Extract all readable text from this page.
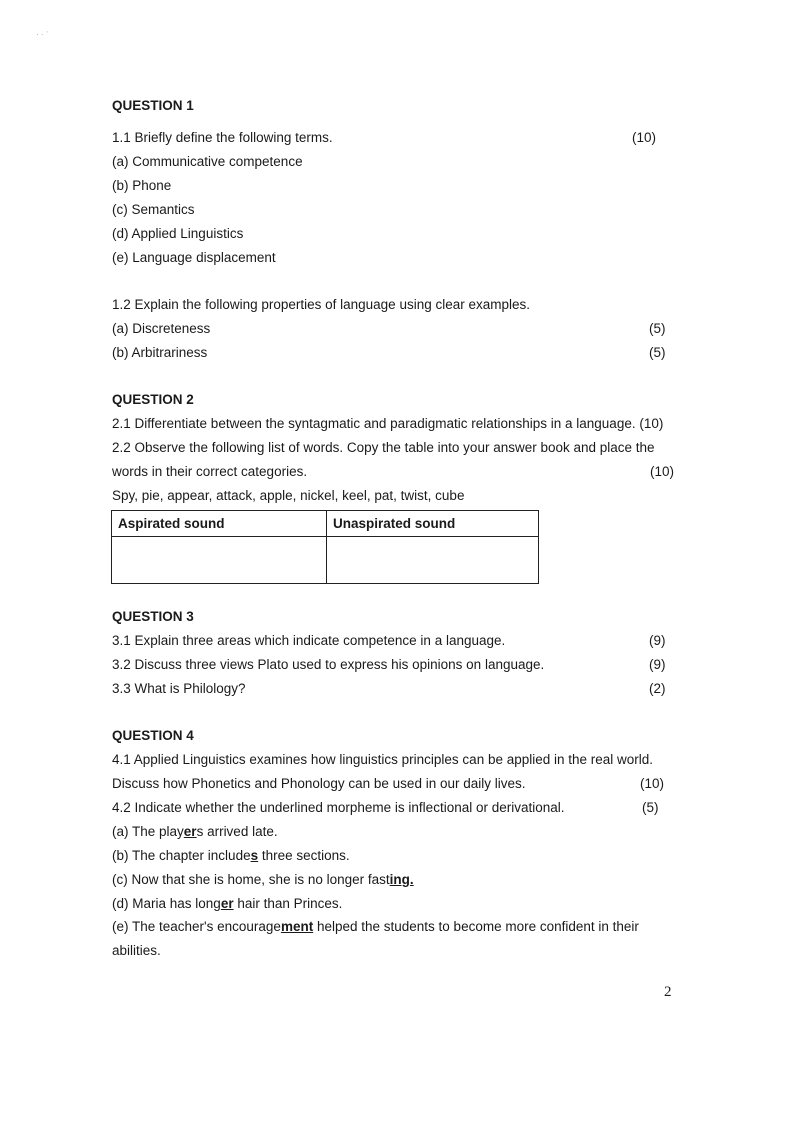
· · ˈ
QUESTION 1
1.1 Briefly define the following terms.	(10)
(a) Communicative competence
(b) Phone
(c) Semantics
(d) Applied Linguistics
(e) Language displacement
1.2 Explain the following properties of language using clear examples.
(a) Discreteness	(5)
(b) Arbitrariness	(5)
QUESTION 2
2.1 Differentiate between the syntagmatic and paradigmatic relationships in a language. (10)
2.2 Observe the following list of words. Copy the table into your answer book and place the
words in their correct categories.	(10)
Spy, pie, appear, attack, apple, nickel, keel, pat, twist, cube
Aspirated sound	Unaspirated sound

QUESTION 3
3.1 Explain three areas which indicate competence in a language.	(9)
3.2 Discuss three views Plato used to express his opinions on language.	(9)
3.3 What is Philology?	(2)
QUESTION 4
4.1 Applied Linguistics examines how linguistics principles can be applied in the real world.
Discuss how Phonetics and Phonology can be used in our daily lives.	(10)
4.2 Indicate whether the underlined morpheme is inflectional or derivational.	(5)
(a) The players arrived late.
(b) The chapter includes three sections.
(c) Now that she is home, she is no longer fasting.
(d) Maria has longer hair than Princes.
(e) The teacher's encouragement helped the students to become more confident in their
abilities.
2
